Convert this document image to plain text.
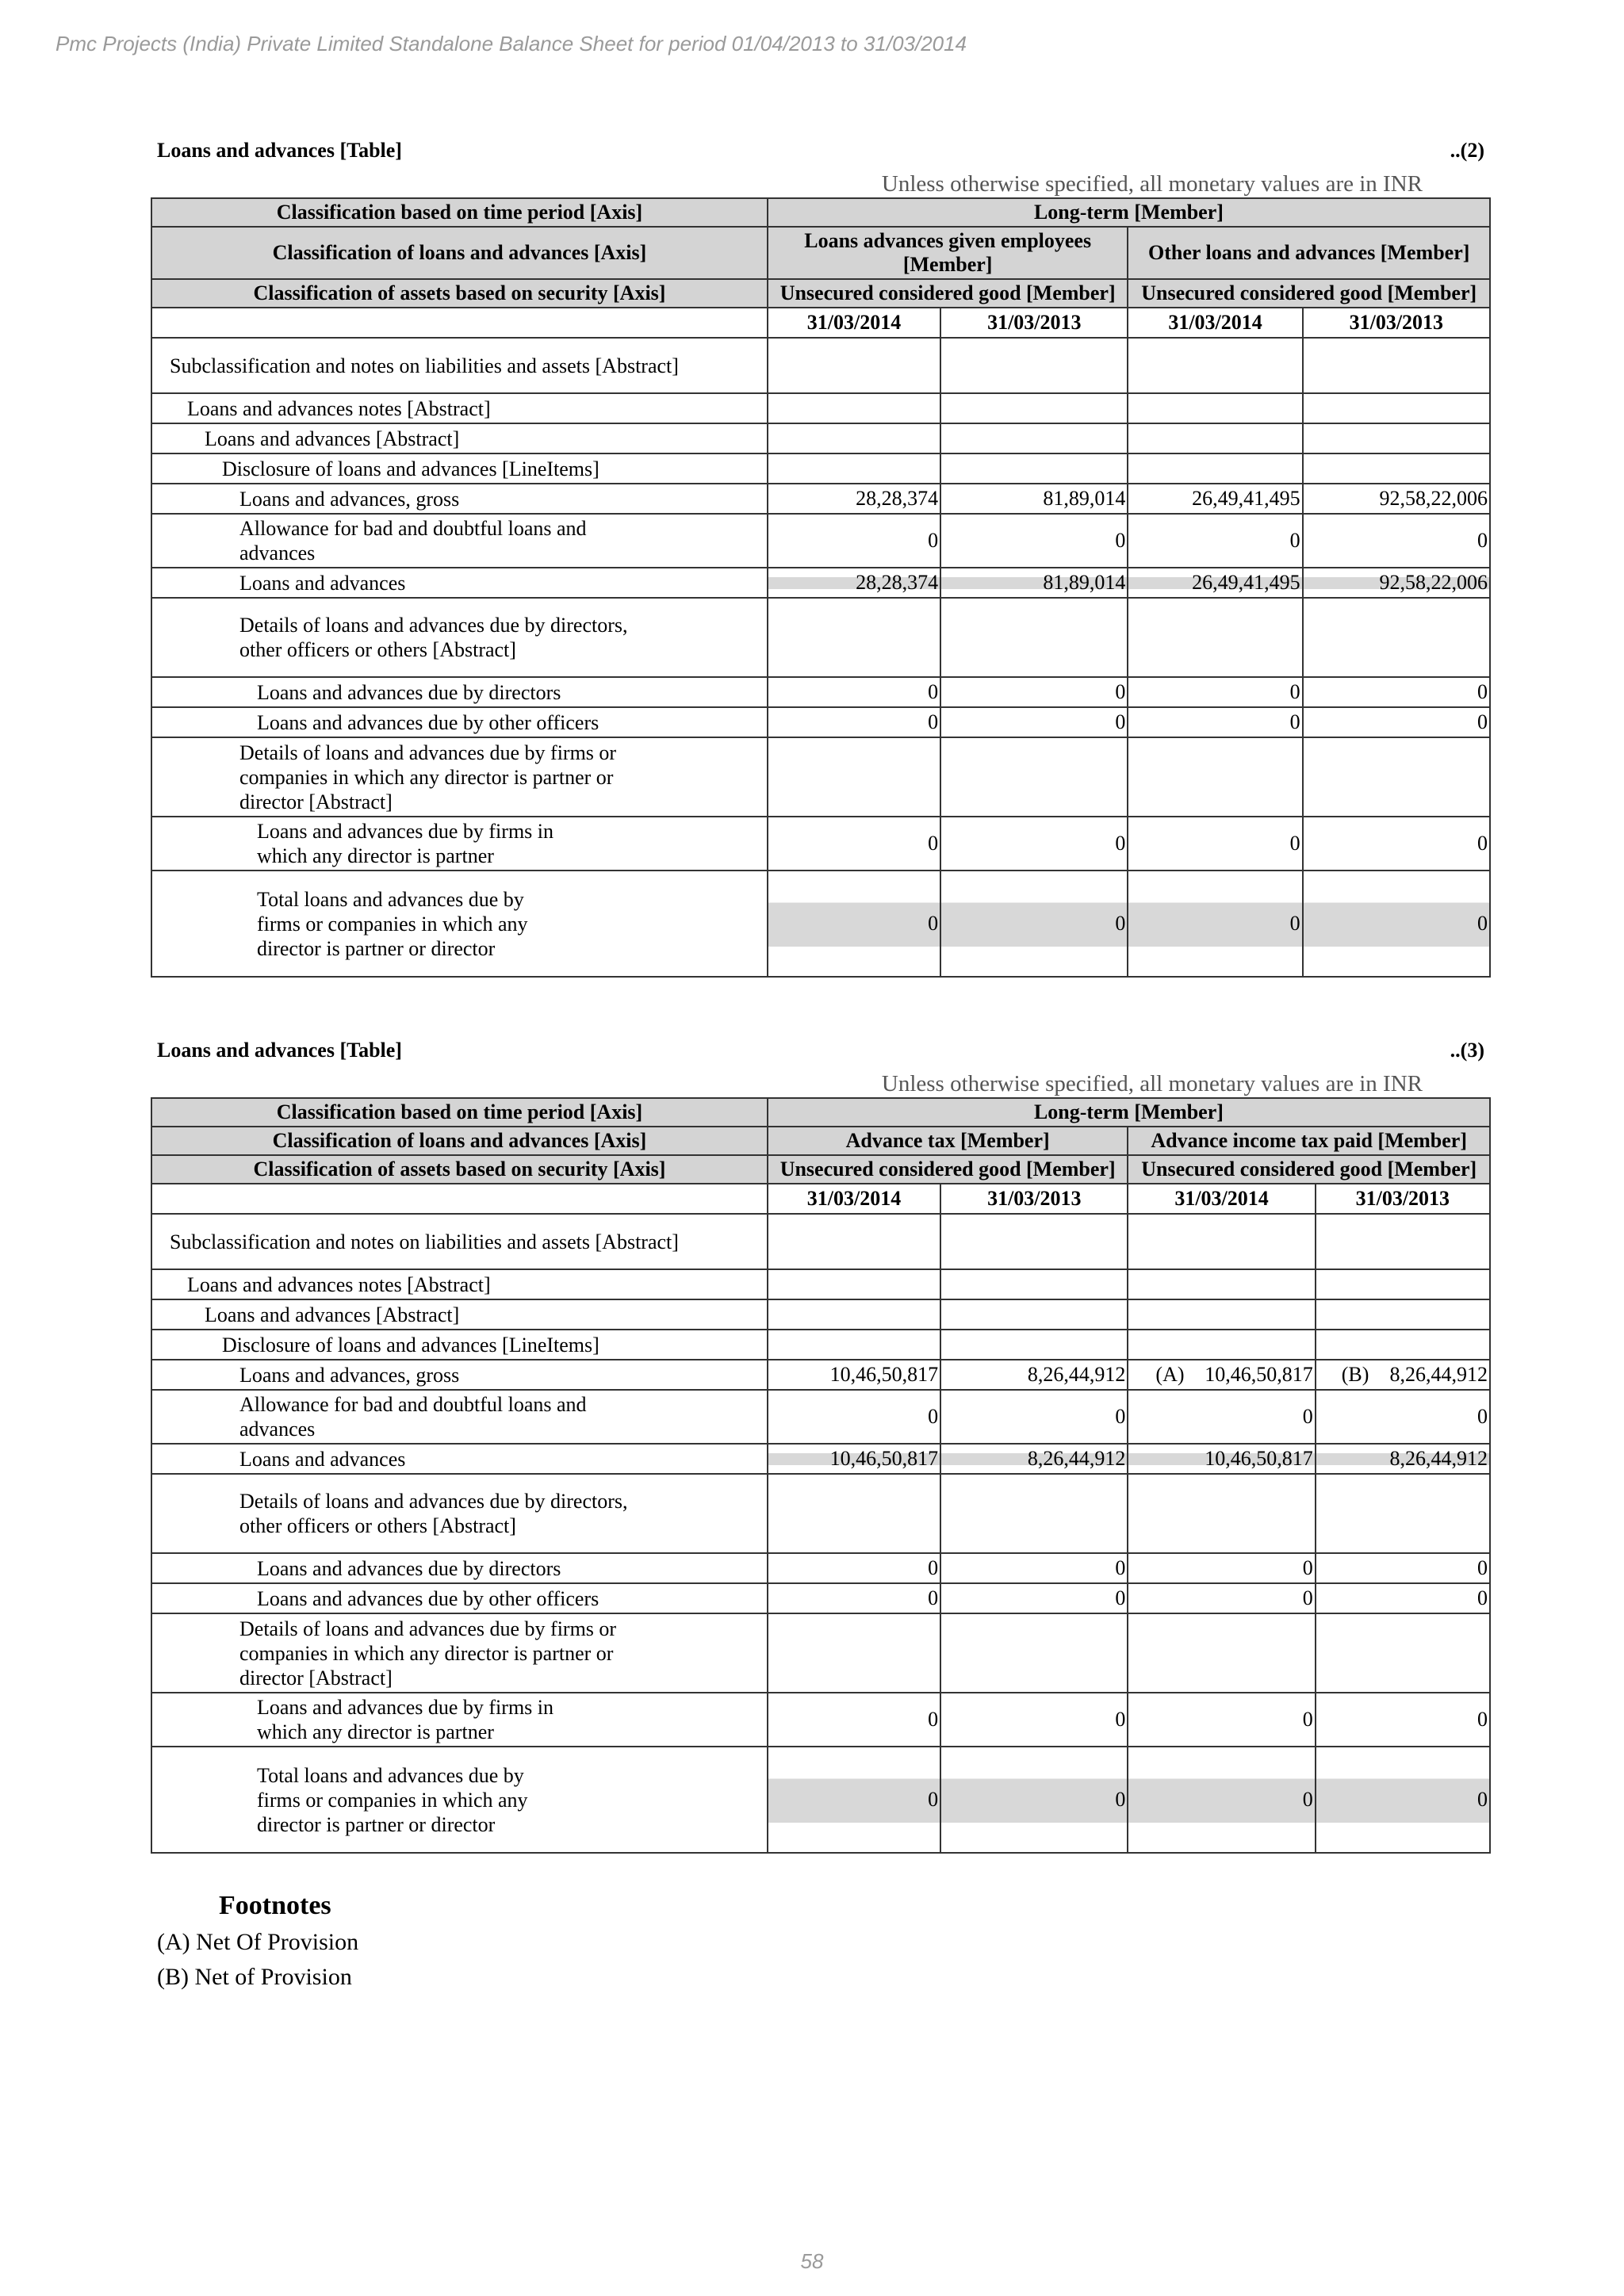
Pmc Projects (India) Private Limited Standalone Balance Sheet for period 01/04/2013 to 31/03/2014
Loans and advances [Table]	..(2)
Unless otherwise specified, all monetary values are in INR
Classification based on time period [Axis]	Long-term [Member]			
Classification of loans and advances [Axis]	Loans advances given employees [Member]		Other loans and advances [Member]	
Classification of assets based on security [Axis]	Unsecured considered good [Member]		Unsecured considered good [Member]	
	31/03/2014	31/03/2013	31/03/2014	31/03/2013
Subclassification and notes on liabilities and assets [Abstract]				
Loans and advances notes [Abstract]				
Loans and advances [Abstract]				
Disclosure of loans and advances [LineItems]				
Loans and advances, gross	28,28,374	81,89,014	26,49,41,495	92,58,22,006
Allowance for bad and doubtful loans and advances	0	0	0	0
Loans and advances	28,28,374	81,89,014	26,49,41,495	92,58,22,006
Details of loans and advances due by directors, other officers or others [Abstract]				
Loans and advances due by directors	0	0	0	0
Loans and advances due by other officers	0	0	0	0
Details of loans and advances due by firms or companies in which any director is partner or director [Abstract]				
Loans and advances due by firms in which any director is partner	0	0	0	0
Total loans and advances due by firms or companies in which any director is partner or director	0	0	0	0
Loans and advances [Table]	..(3)
Unless otherwise specified, all monetary values are in INR
Classification based on time period [Axis]	Long-term [Member]			
Classification of loans and advances [Axis]	Advance tax [Member]		Advance income tax paid [Member]	
Classification of assets based on security [Axis]	Unsecured considered good [Member]		Unsecured considered good [Member]	
	31/03/2014	31/03/2013	31/03/2014	31/03/2013
Subclassification and notes on liabilities and assets [Abstract]				
Loans and advances notes [Abstract]				
Loans and advances [Abstract]				
Disclosure of loans and advances [LineItems]				
Loans and advances, gross	10,46,50,817	8,26,44,912	(A) 10,46,50,817	(B) 8,26,44,912
Allowance for bad and doubtful loans and advances	0	0	0	0
Loans and advances	10,46,50,817	8,26,44,912	10,46,50,817	8,26,44,912
Details of loans and advances due by directors, other officers or others [Abstract]				
Loans and advances due by directors	0	0	0	0
Loans and advances due by other officers	0	0	0	0
Details of loans and advances due by firms or companies in which any director is partner or director [Abstract]				
Loans and advances due by firms in which any director is partner	0	0	0	0
Total loans and advances due by firms or companies in which any director is partner or director	0	0	0	0
Footnotes
(A) Net Of Provision
(B) Net of Provision
58
